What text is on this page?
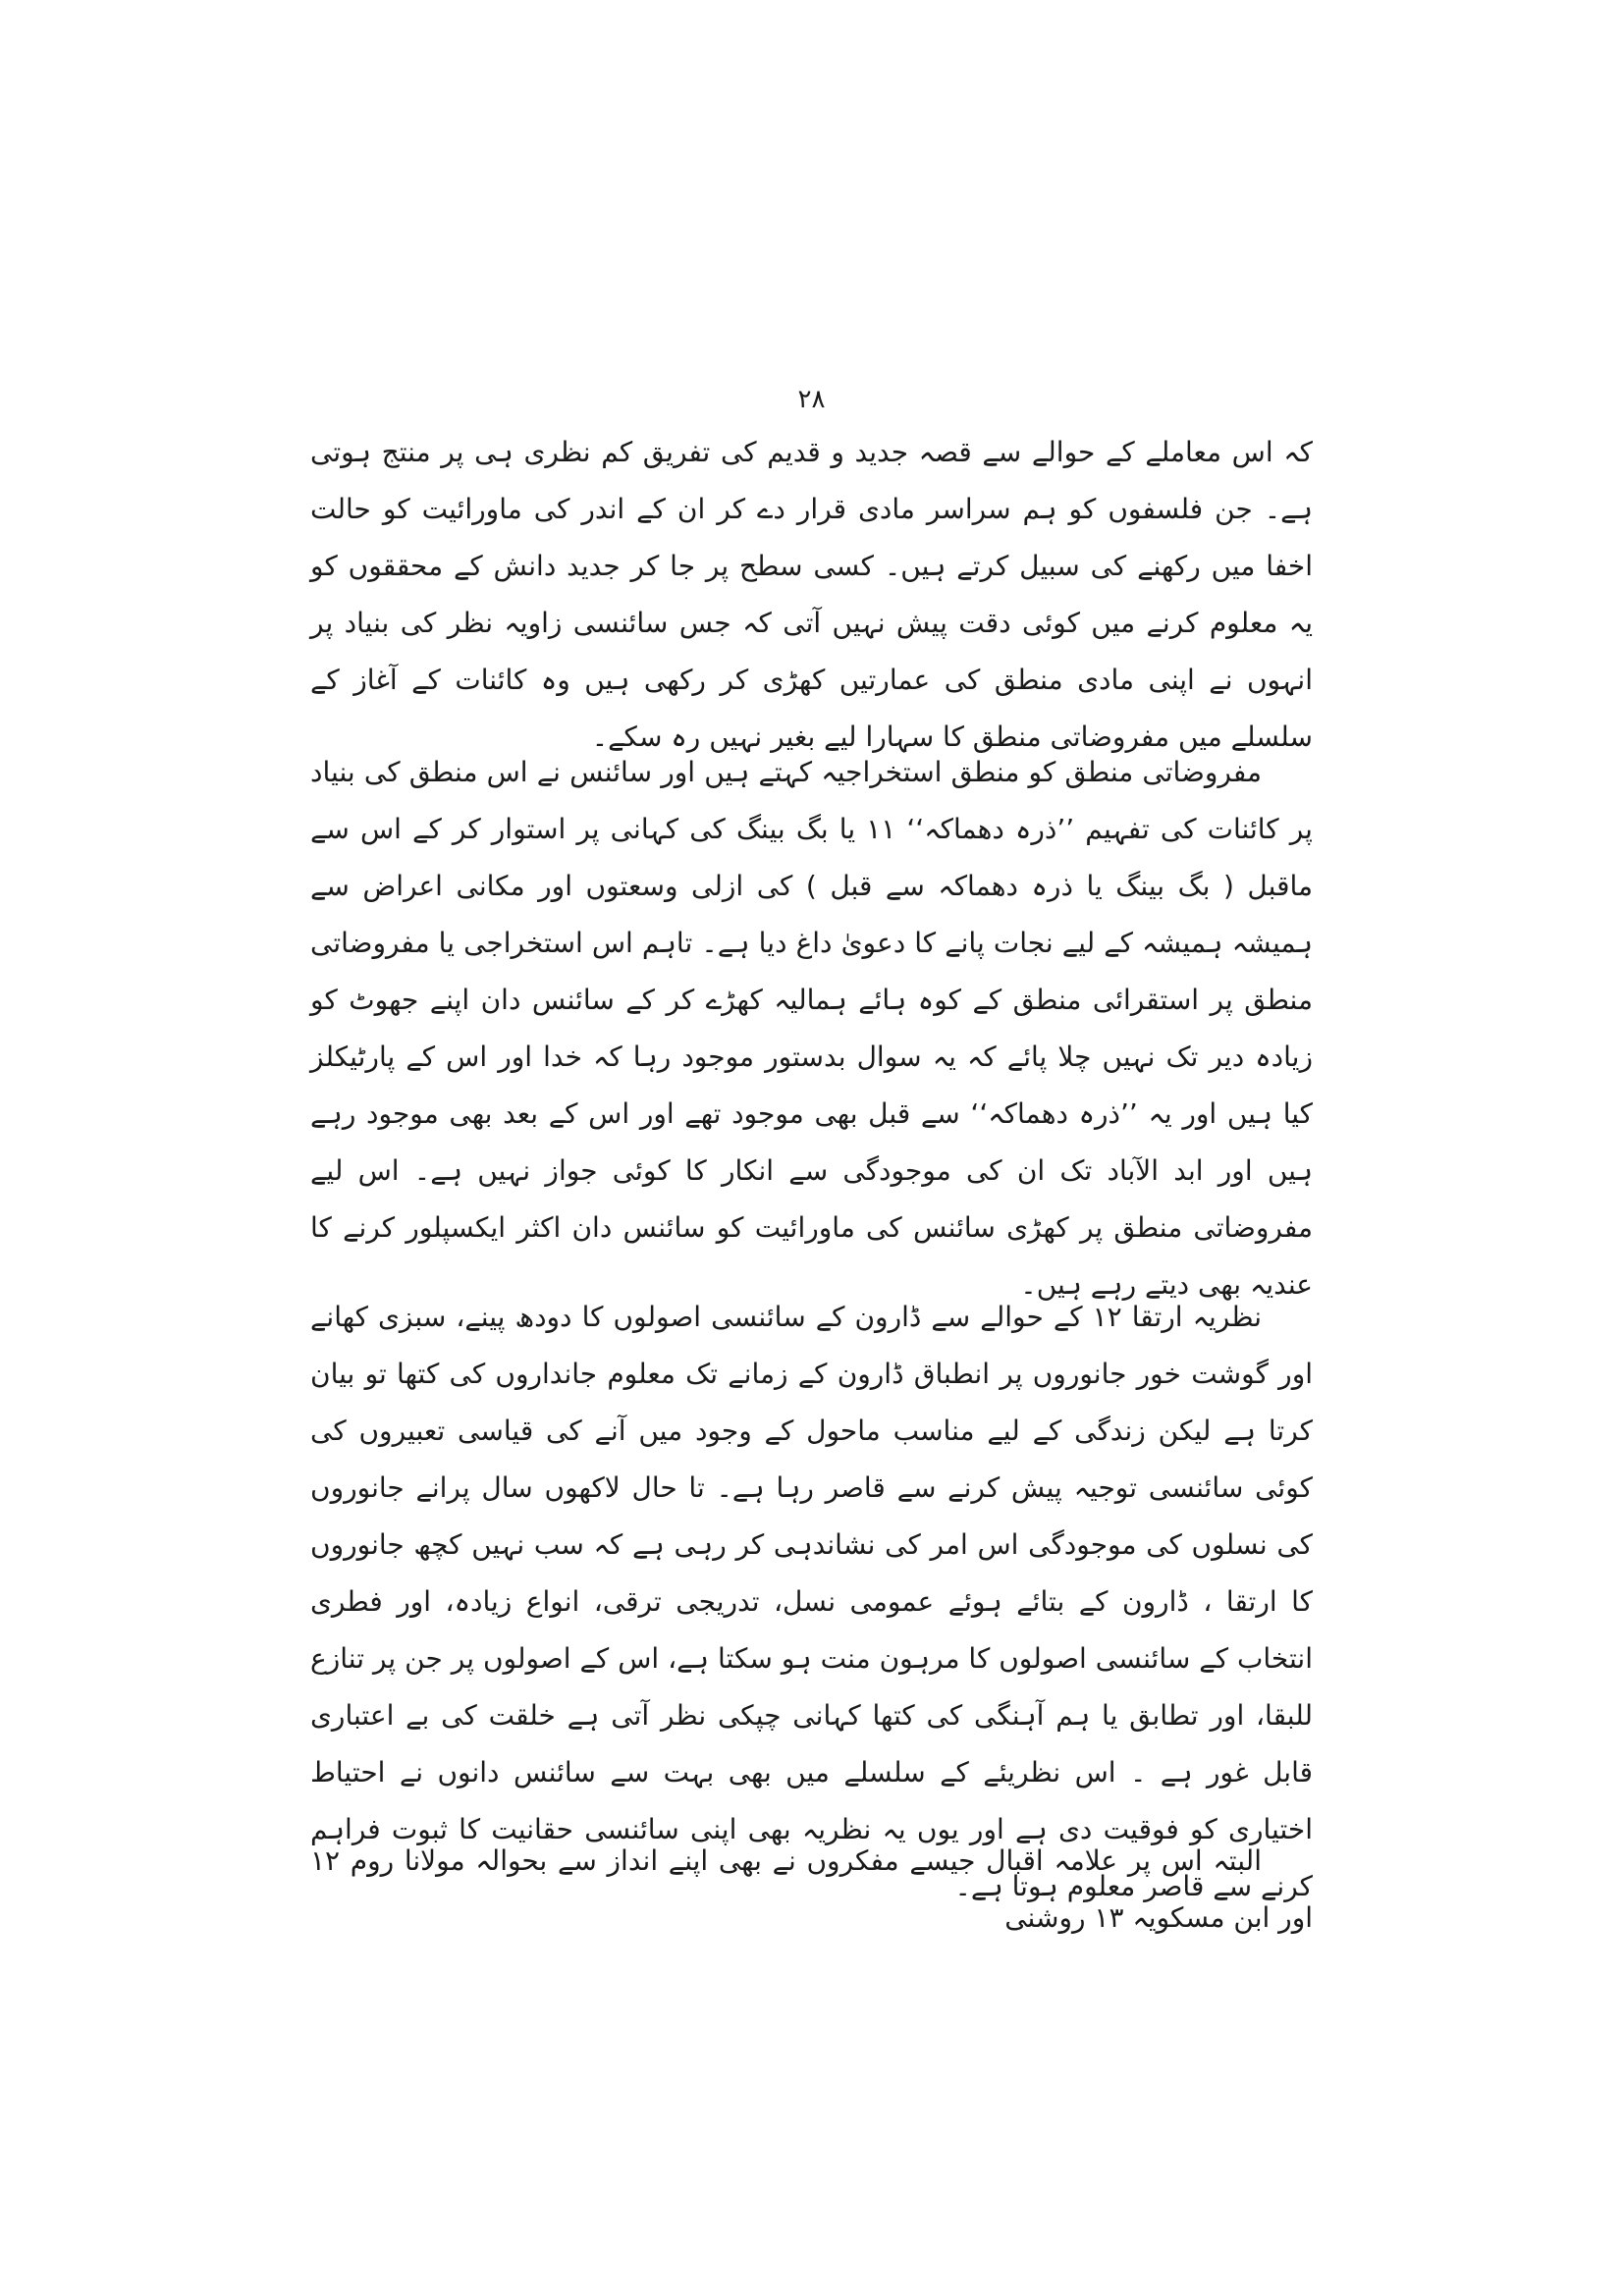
۲۸

کہ اس معاملے کے حوالے سے قصہ جدید و قدیم کی تفریق کم نظری ہی پر منتج ہوتی ہے۔ جن فلسفوں کو ہم سراسر مادی قرار دے کر ان کے اندر کی ماورائیت کو حالت اخفا میں رکھنے کی سبیل کرتے ہیں۔ کسی سطح پر جا کر جدید دانش کے محققوں کو یہ معلوم کرنے میں کوئی دقت پیش نہیں آتی کہ جس سائنسی زاویہ نظر کی بنیاد پر انہوں نے اپنی مادی منطق کی عمارتیں کھڑی کر رکھی ہیں وہ کائنات کے آغاز کے سلسلے میں مفروضاتی منطق کا سہارا لیے بغیر نہیں رہ سکے۔

مفروضاتی منطق کو منطق استخراجیہ کہتے ہیں اور سائنس نے اس منطق کی بنیاد پر کائنات کی تفہیم ’’ذرہ دھماکہ‘‘ ۱۱ یا بگ بینگ کی کہانی پر استوار کر کے اس سے ماقبل ( بگ بینگ یا ذرہ دھماکہ سے قبل ) کی ازلی وسعتوں اور مکانی اعراض سے ہمیشہ ہمیشہ کے لیے نجات پانے کا دعویٰ داغ دیا ہے۔ تاہم اس استخراجی یا مفروضاتی منطق پر استقرائی منطق کے کوہ ہائے ہمالیہ کھڑے کر کے سائنس دان اپنے جھوٹ کو زیادہ دیر تک نہیں چلا پائے کہ یہ سوال بدستور موجود رہا کہ خدا اور اس کے پارٹیکلز کیا ہیں اور یہ ’’ذرہ دھماکہ‘‘ سے قبل بھی موجود تھے اور اس کے بعد بھی موجود رہے ہیں اور ابد الآباد تک ان کی موجودگی سے انکار کا کوئی جواز نہیں ہے۔ اس لیے مفروضاتی منطق پر کھڑی سائنس کی ماورائیت کو سائنس دان اکثر ایکسپلور کرنے کا عندیہ بھی دیتے رہے ہیں۔

نظریہ ارتقا ۱۲ کے حوالے سے ڈارون کے سائنسی اصولوں کا دودھ پینے، سبزی کھانے اور گوشت خور جانوروں پر انطباق ڈارون کے زمانے تک معلوم جانداروں کی کتھا تو بیان کرتا ہے لیکن زندگی کے لیے مناسب ماحول کے وجود میں آنے کی قیاسی تعبیروں کی کوئی سائنسی توجیہ پیش کرنے سے قاصر رہا ہے۔ تا حال لاکھوں سال پرانے جانوروں کی نسلوں کی موجودگی اس امر کی نشاندہی کر رہی ہے کہ سب نہیں کچھ جانوروں کا ارتقا ، ڈارون کے بتائے ہوئے عمومی نسل، تدریجی ترقی، انواع زیادہ، اور فطری انتخاب کے سائنسی اصولوں کا مرہون منت ہو سکتا ہے، اس کے اصولوں پر جن پر تنازع للبقا، اور تطابق یا ہم آہنگی کی کتھا کہانی چپکی نظر آتی ہے خلقت کی بے اعتباری قابل غور ہے ۔ اس نظریئے کے سلسلے میں بھی بہت سے سائنس دانوں نے احتیاط اختیاری کو فوقیت دی ہے اور یوں یہ نظریہ بھی اپنی سائنسی حقانیت کا ثبوت فراہم کرنے سے قاصر معلوم ہوتا ہے۔

البتہ اس پر علامہ اقبال جیسے مفکروں نے بھی اپنے انداز سے بحوالہ مولانا روم ۱۲ اور ابن مسکویہ ۱۳ روشنی
